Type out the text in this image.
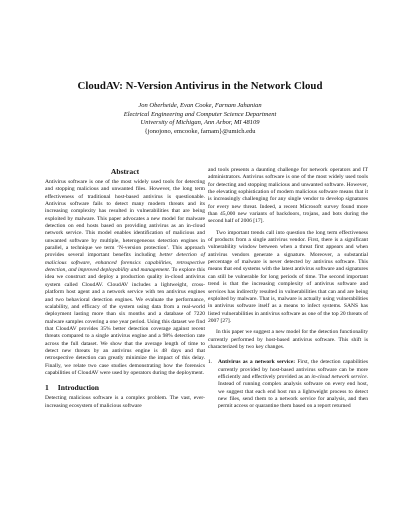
CloudAV: N-Version Antivirus in the Network Cloud
Jon Oberheide, Evan Cooke, Farnam Jahanian
Electrical Engineering and Computer Science Department
University of Michigan, Ann Arbor, MI 48109
{jonojono, emcooke, farnam}@umich.edu
Abstract

Antivirus software is one of the most widely used tools for detecting and stopping malicious and unwanted files. However, the long term effectiveness of traditional host-based antivirus is questionable. Antivirus software fails to detect many modern threats and its increasing complexity has resulted in vulnerabilities that are being exploited by malware. This paper advocates a new model for malware detection on end hosts based on providing antivirus as an in-cloud network service. This model enables identification of malicious and unwanted software by multiple, heterogeneous detection engines in parallel, a technique we term ‘N-version protection’. This approach provides several important benefits including better detection of malicious software, enhanced forensics capabilities, retrospective detection, and improved deployability and management. To explore this idea we construct and deploy a production quality in-cloud antivirus system called CloudAV. CloudAV includes a lightweight, cross-platform host agent and a network service with ten antivirus engines and two behavioral detection engines. We evaluate the performance, scalability, and efficacy of the system using data from a real-world deployment lasting more than six months and a database of 7220 malware samples covering a one year period. Using this dataset we find that CloudAV provides 35% better detection coverage against recent threats compared to a single antivirus engine and a 98% detection rate across the full dataset. We show that the average length of time to detect new threats by an antivirus engine is 48 days and that retrospective detection can greatly minimize the impact of this delay. Finally, we relate two case studies demonstrating how the forensics capabilities of CloudAV were used by operators during the deployment.

1 Introduction

Detecting malicious software is a complex problem. The vast, ever-increasing ecosystem of malicious software

and tools presents a daunting challenge for network operators and IT administrators. Antivirus software is one of the most widely used tools for detecting and stopping malicious and unwanted software. However, the elevating sophistication of modern malicious software means that it is increasingly challenging for any single vendor to develop signatures for every new threat. Indeed, a recent Microsoft survey found more than 45,000 new variants of backdoors, trojans, and bots during the second half of 2006 [17].

Two important trends call into question the long term effectiveness of products from a single antivirus vendor. First, there is a significant vulnerability window between when a threat first appears and when antivirus vendors generate a signature. Moreover, a substantial percentage of malware is never detected by antivirus software. This means that end systems with the latest antivirus software and signatures can still be vulnerable for long periods of time. The second important trend is that the increasing complexity of antivirus software and services has indirectly resulted in vulnerabilities that can and are being exploited by malware. That is, malware is actually using vulnerabilities in antivirus software itself as a means to infect systems. SANS has listed vulnerabilities in antivirus software as one of the top 20 threats of 2007 [27].

In this paper we suggest a new model for the detection functionality currently performed by host-based antivirus software. This shift is characterized by two key changes.

1. Antivirus as a network service: First, the detection capabilities currently provided by host-based antivirus software can be more efficiently and effectively provided as an in-cloud network service. Instead of running complex analysis software on every end host, we suggest that each end host run a lightweight process to detect new files, send them to a network service for analysis, and then permit access or quarantine them based on a report returned
